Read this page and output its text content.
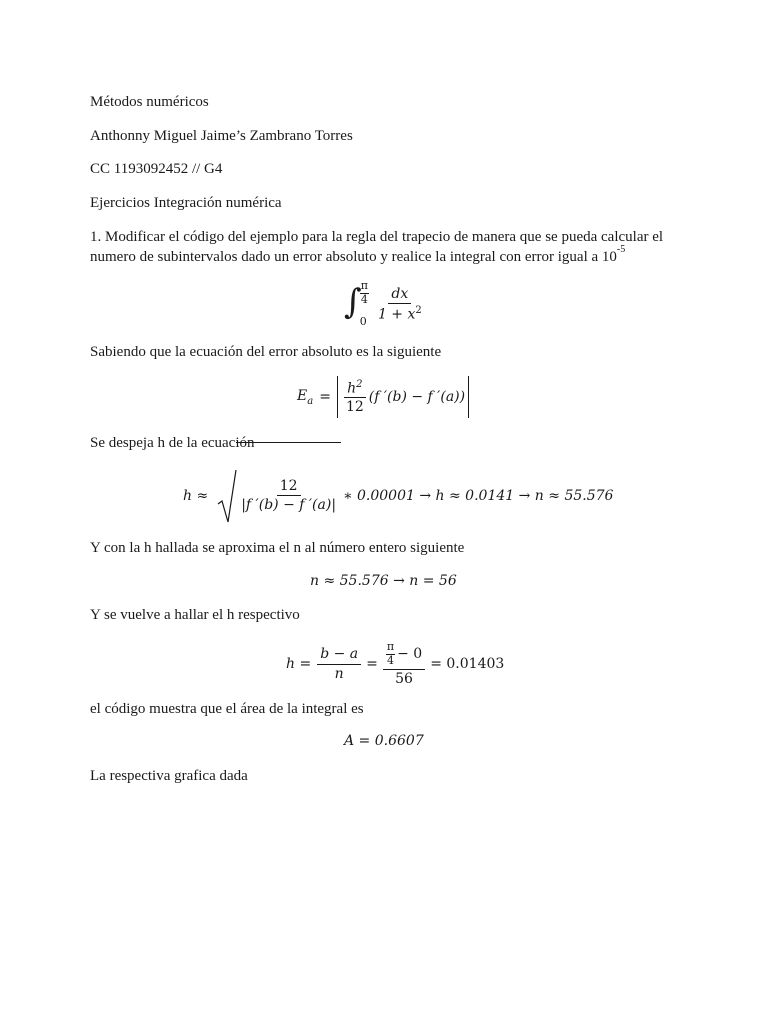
Métodos numéricos
Anthonny Miguel Jaime’s Zambrano Torres
CC 1193092452 // G4
Ejercicios Integración numérica
1. Modificar el código del ejemplo para la regla del trapecio de manera que se pueda calcular el
numero de subintervalos dado un error absoluto y realice la integral con error igual a $10^{-5}$
∫
$\frac{\pi}{4}$
$0 \frac{dx}{1 + x^2}$
Sabiendo que la ecuación del error absoluto es la siguiente
$E_a = \frac{h^2}{12} (f$ ′(b) − f ′(a))
Se despeja h de la ecuación
$h \approx \frac{12}{|f '(b) - f '(a)|}$ ∗ 0.00001 → h ≈ 0.0141 → n ≈ 55.576
Y con la h hallada se aproxima el n al número entero siguiente
n ≈ 55.576 → n = 56
Y se vuelve a hallar el h respectivo
$h = \frac{b - a}{n} = \frac{\frac{\pi}{4} - 0}{56} = 0.01403$
el código muestra que el área de la integral es
A = 0.6607
La respectiva grafica dada
